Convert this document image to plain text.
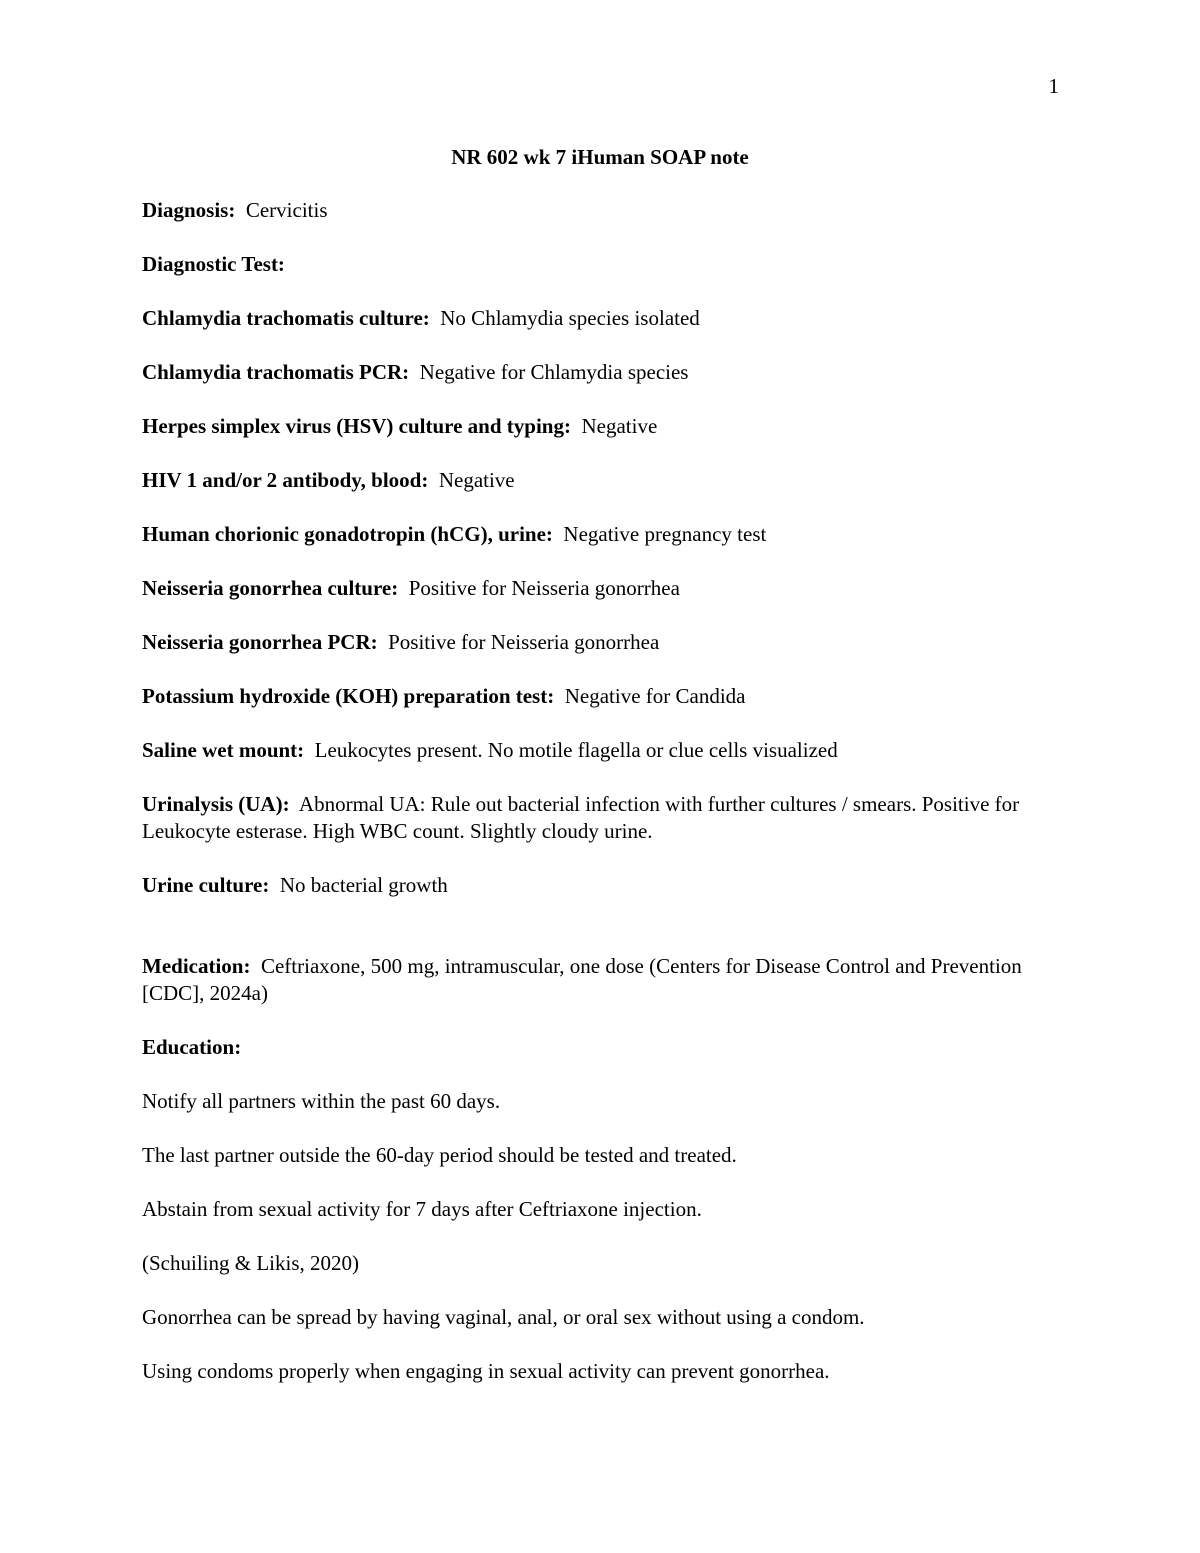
1
NR 602 wk 7 iHuman SOAP note

Diagnosis: Cervicitis

Diagnostic Test:

Chlamydia trachomatis culture: No Chlamydia species isolated

Chlamydia trachomatis PCR: Negative for Chlamydia species

Herpes simplex virus (HSV) culture and typing: Negative

HIV 1 and/or 2 antibody, blood: Negative

Human chorionic gonadotropin (hCG), urine: Negative pregnancy test

Neisseria gonorrhea culture: Positive for Neisseria gonorrhea

Neisseria gonorrhea PCR: Positive for Neisseria gonorrhea

Potassium hydroxide (KOH) preparation test: Negative for Candida

Saline wet mount: Leukocytes present. No motile flagella or clue cells visualized

Urinalysis (UA): Abnormal UA: Rule out bacterial infection with further cultures / smears. Positive for Leukocyte esterase. High WBC count. Slightly cloudy urine.

Urine culture: No bacterial growth

Medication: Ceftriaxone, 500 mg, intramuscular, one dose (Centers for Disease Control and Prevention [CDC], 2024a)

Education:

Notify all partners within the past 60 days.

The last partner outside the 60-day period should be tested and treated.

Abstain from sexual activity for 7 days after Ceftriaxone injection.

(Schuiling & Likis, 2020)

Gonorrhea can be spread by having vaginal, anal, or oral sex without using a condom.

Using condoms properly when engaging in sexual activity can prevent gonorrhea.
